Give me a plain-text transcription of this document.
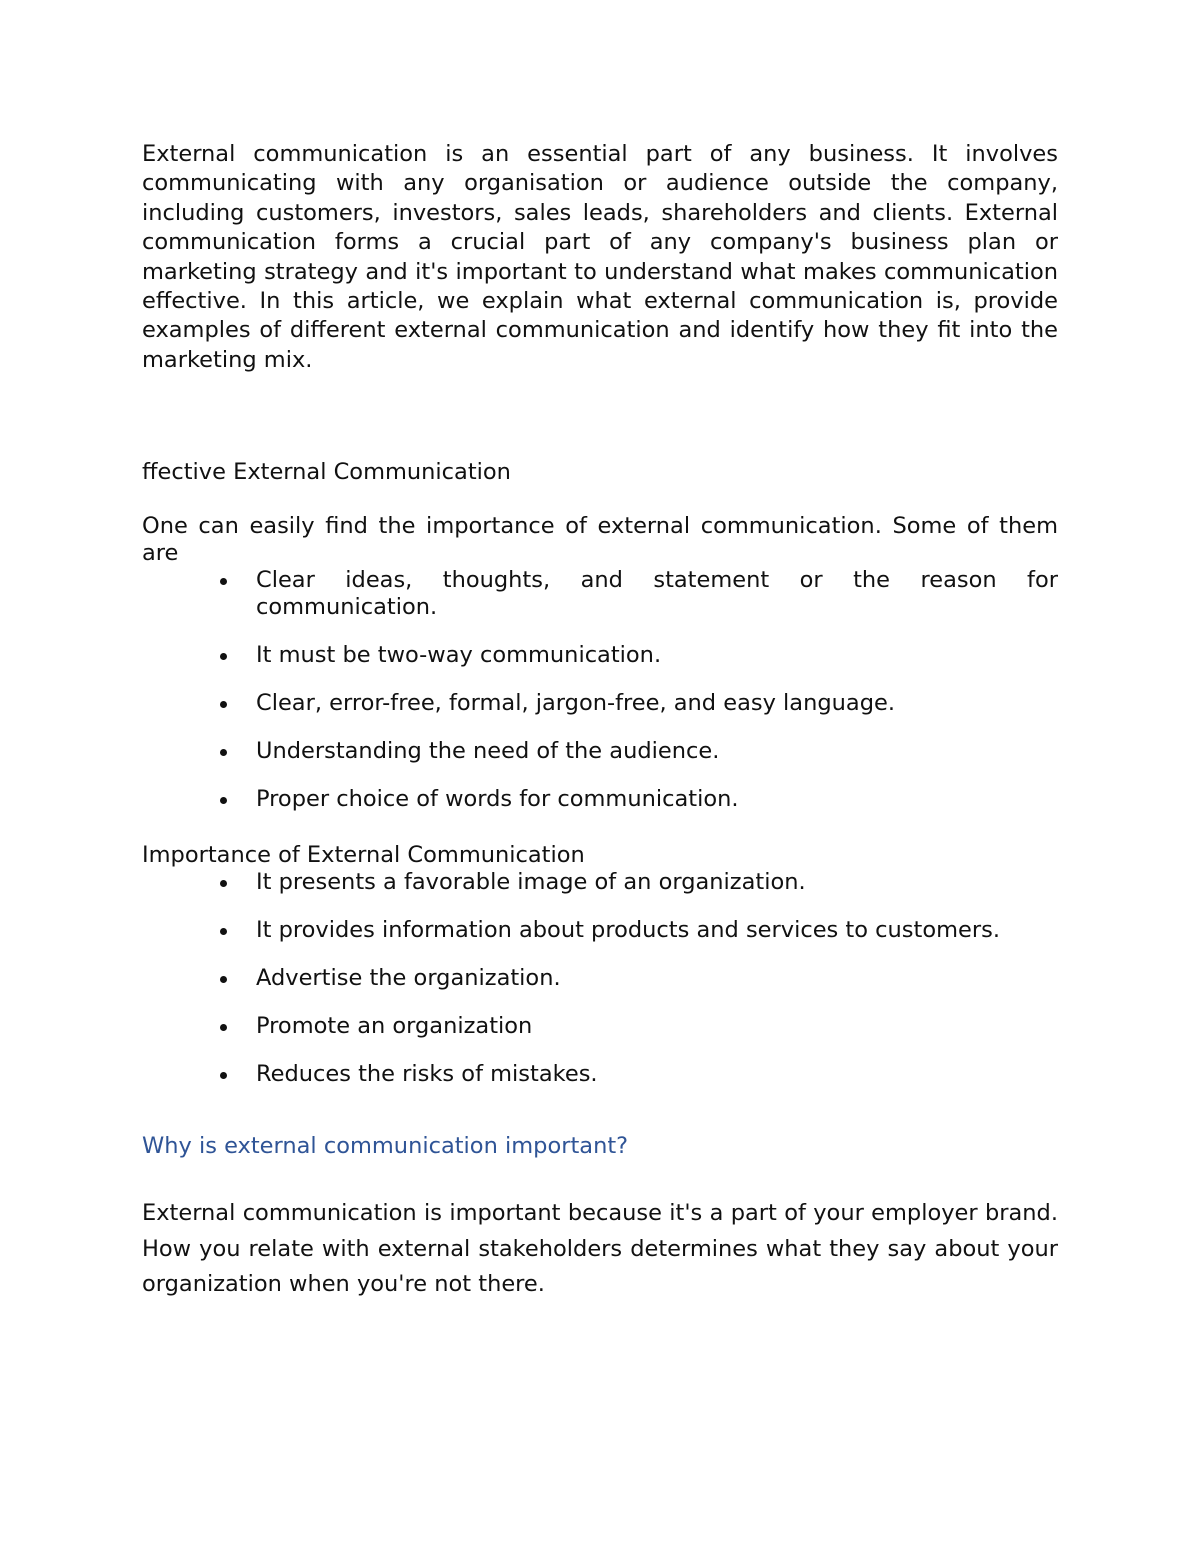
External communication is an essential part of any business. It involves communicating with any organisation or audience outside the company, including customers, investors, sales leads, shareholders and clients. External communication forms a crucial part of any company's business plan or marketing strategy and it's important to understand what makes communication effective. In this article, we explain what external communication is, provide examples of different external communication and identify how they fit into the marketing mix.

ffective External Communication

One can easily find the importance of external communication. Some of them are

Clear ideas, thoughts, and statement or the reason for communication.
It must be two-way communication.
Clear, error-free, formal, jargon-free, and easy language.
Understanding the need of the audience.
Proper choice of words for communication.
Importance of External Communication
It presents a favorable image of an organization.
It provides information about products and services to customers.
Advertise the organization.
Promote an organization
Reduces the risks of mistakes.
Why is external communication important?

External communication is important because it's a part of your employer brand. How you relate with external stakeholders determines what they say about your organization when you're not there.
